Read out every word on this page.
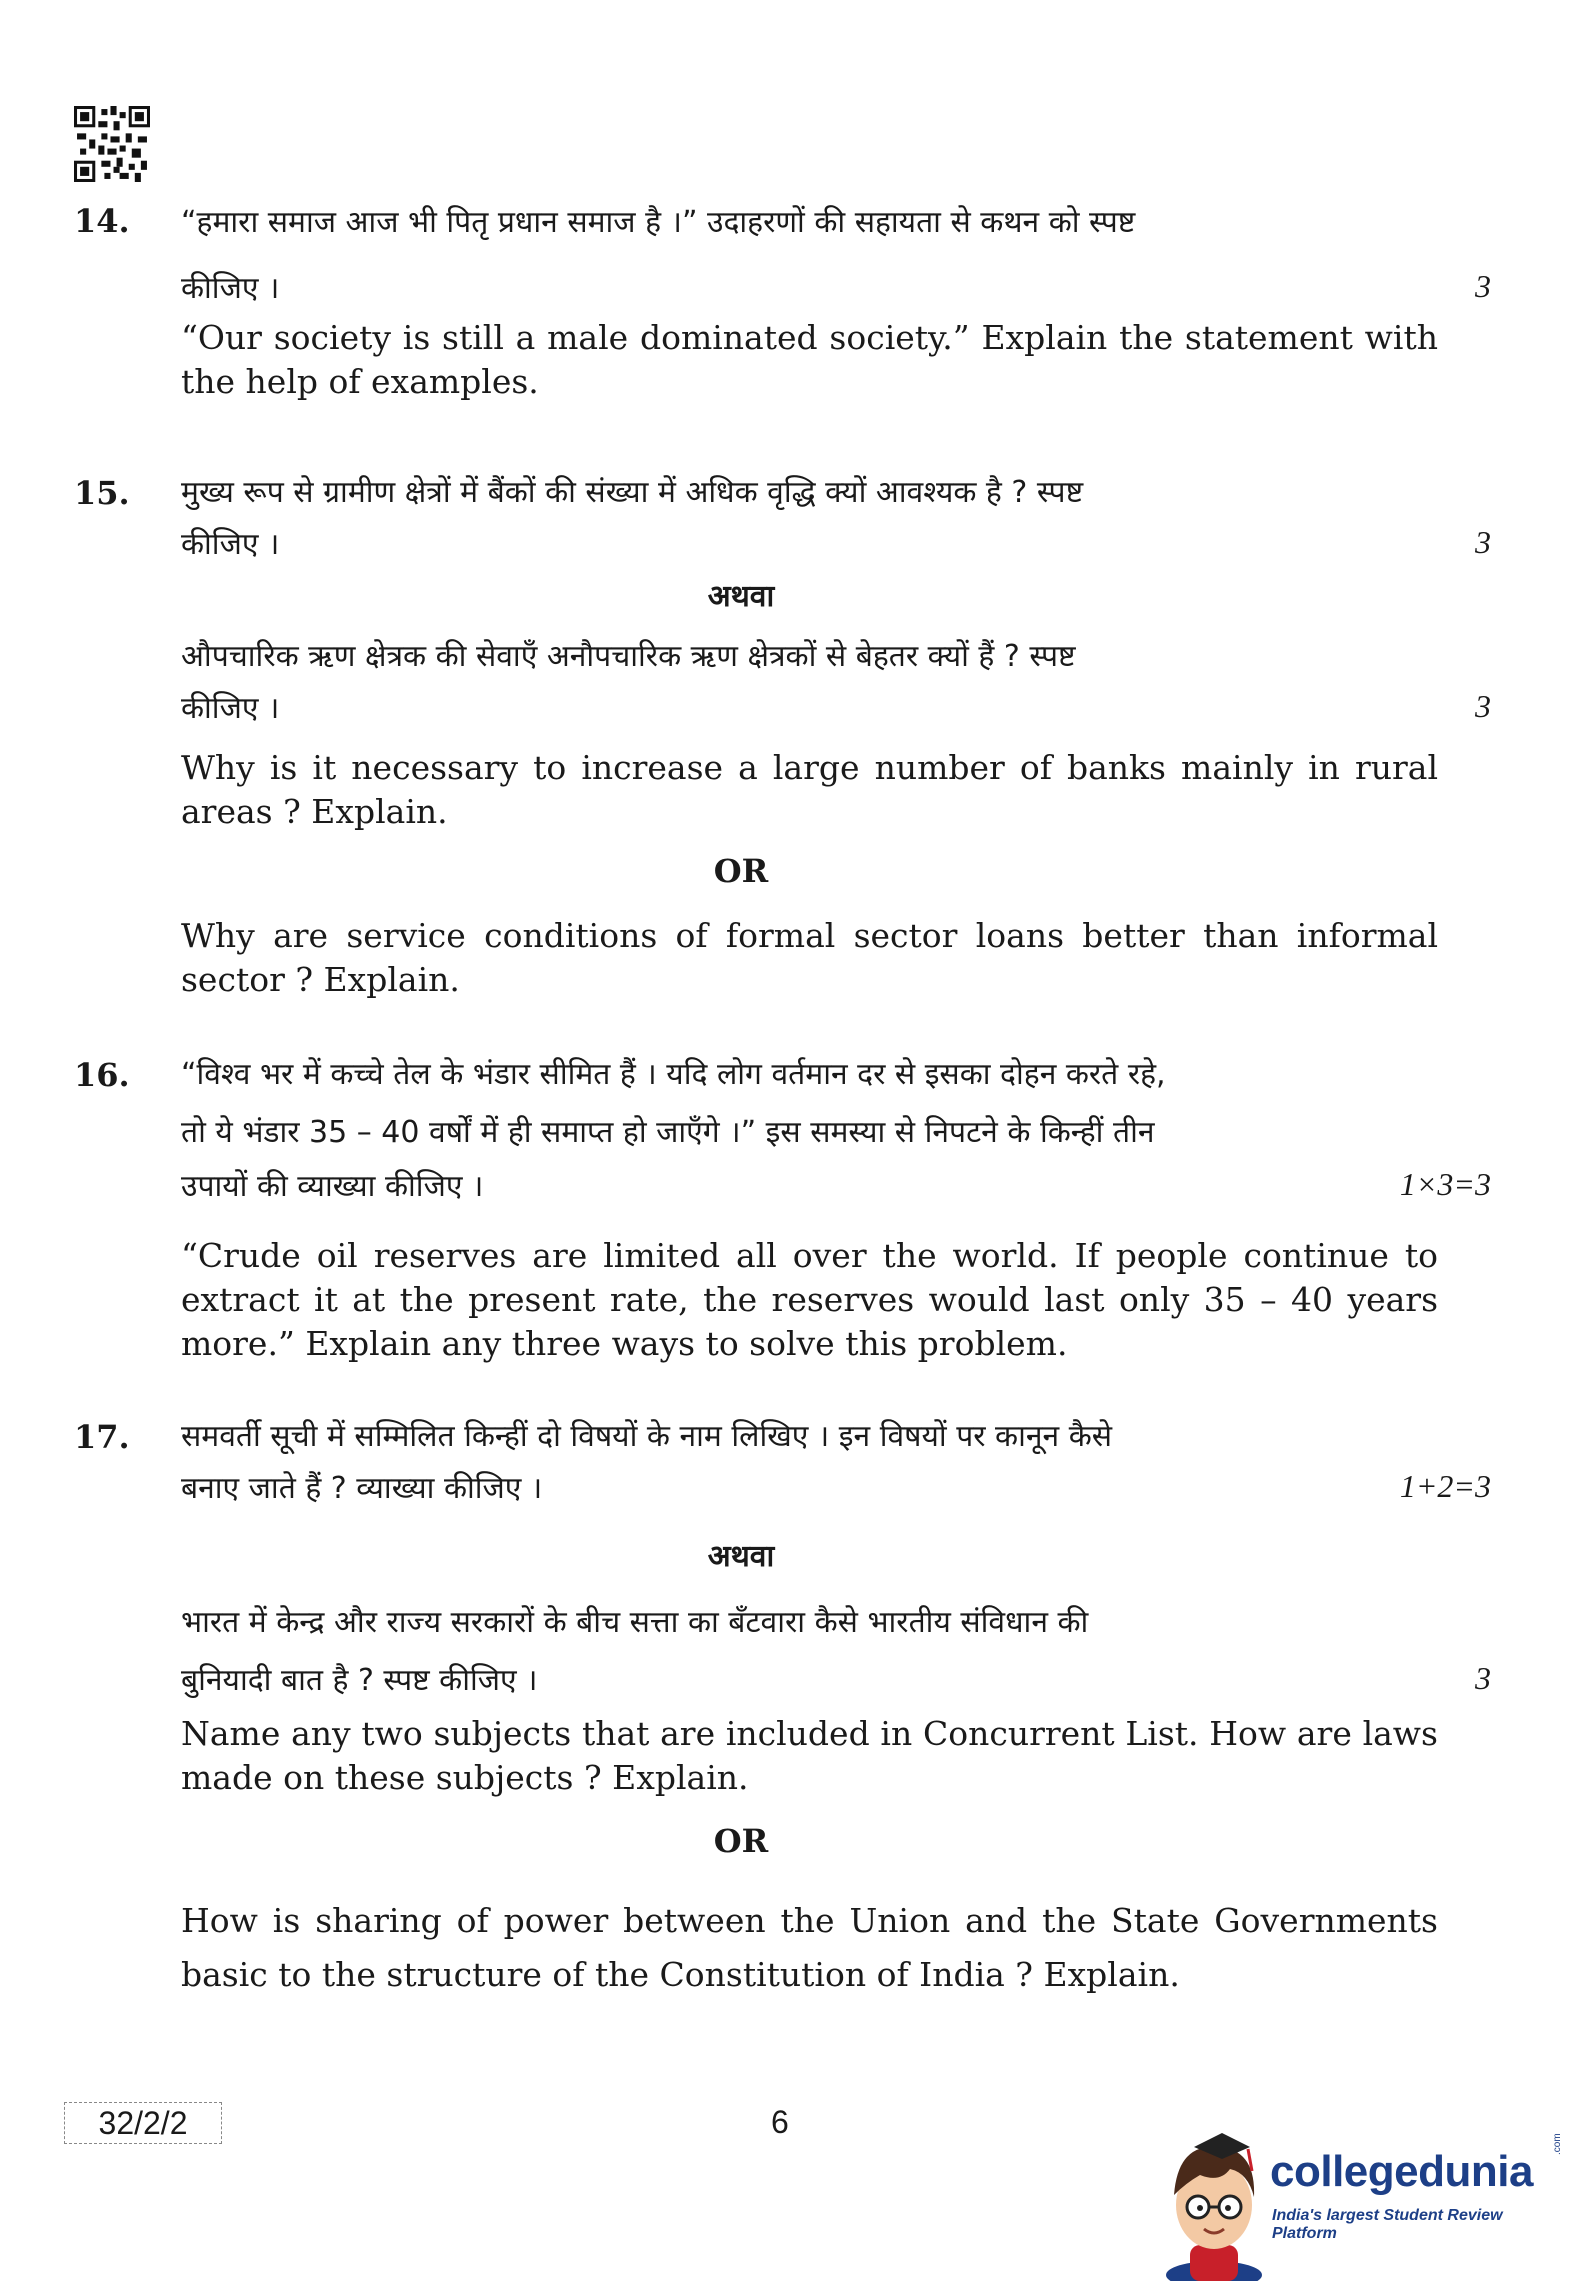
14. “हमारा समाज आज भी पितृ प्रधान समाज है ।” उदाहरणों की सहायता से कथन को स्पष्ट
कीजिए ।	3
“Our society is still a male dominated society.” Explain the statement with the help of examples.
15. मुख्य रूप से ग्रामीण क्षेत्रों में बैंकों की संख्या में अधिक वृद्धि क्यों आवश्यक है ? स्पष्ट
कीजिए ।	3
अथवा
औपचारिक ऋण क्षेत्रक की सेवाएँ अनौपचारिक ऋण क्षेत्रकों से बेहतर क्यों हैं ? स्पष्ट
कीजिए ।	3
Why is it necessary to increase a large number of banks mainly in rural areas ? Explain.
OR
Why are service conditions of formal sector loans better than informal sector ? Explain.
16. “विश्व भर में कच्चे तेल के भंडार सीमित हैं । यदि लोग वर्तमान दर से इसका दोहन करते रहे,
तो ये भंडार 35 – 40 वर्षों में ही समाप्त हो जाएँगे ।” इस समस्या से निपटने के किन्हीं तीन
उपायों की व्याख्या कीजिए ।	1×3=3
“Crude oil reserves are limited all over the world. If people continue to extract it at the present rate, the reserves would last only 35 – 40 years more.” Explain any three ways to solve this problem.
17. समवर्ती सूची में सम्मिलित किन्हीं दो विषयों के नाम लिखिए । इन विषयों पर कानून कैसे
बनाए जाते हैं ? व्याख्या कीजिए ।	1+2=3
अथवा
भारत में केन्द्र और राज्य सरकारों के बीच सत्ता का बँटवारा कैसे भारतीय संविधान की
बुनियादी बात है ? स्पष्ट कीजिए ।	3
Name any two subjects that are included in Concurrent List. How are laws made on these subjects ? Explain.
OR
How is sharing of power between the Union and the State Governments basic to the structure of the Constitution of India ? Explain.
32/2/2	6
collegedunia
.com
India's largest Student Review Platform
